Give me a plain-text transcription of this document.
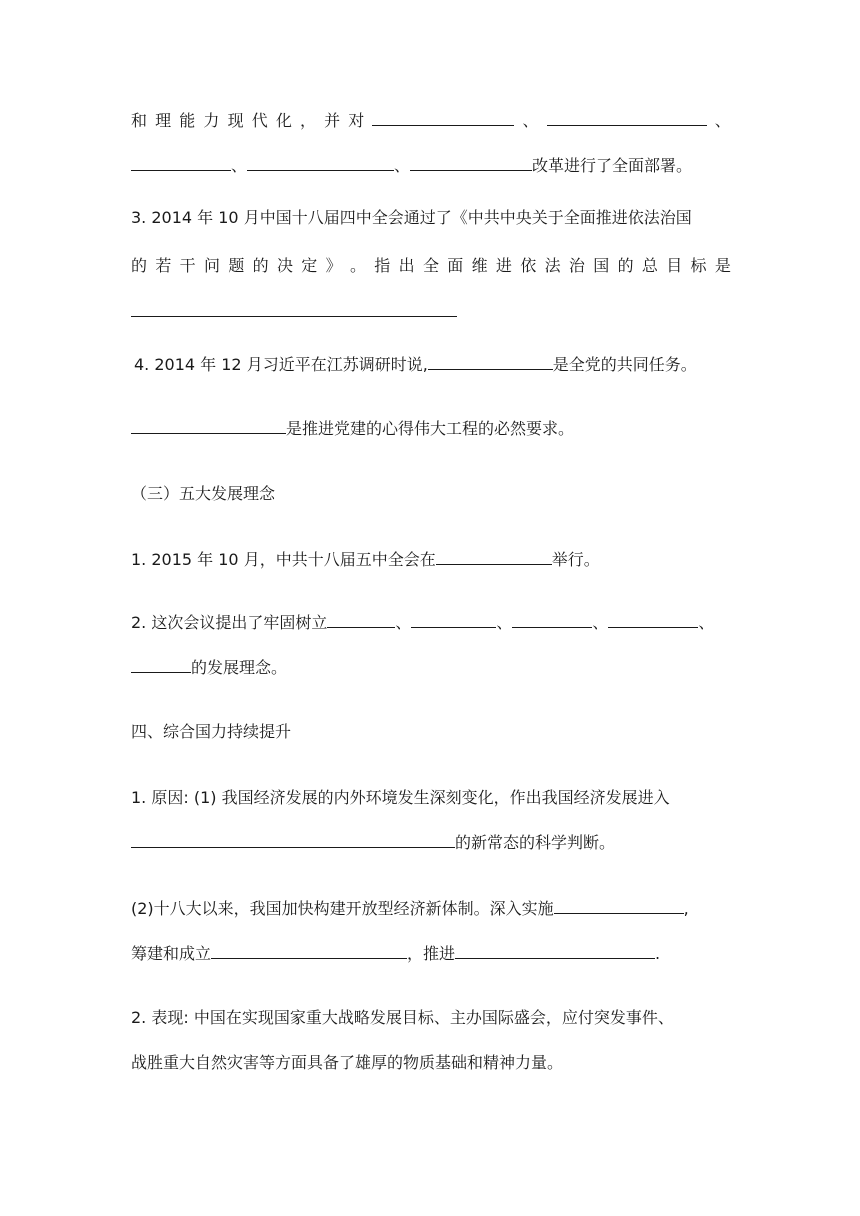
和 理 能 力 现 代 化 ， 并 对	、	、
、	、	改革进行了全面部署。
3. 2014 年 10 月中国十八届四中全会通过了《中共中央关于全面推进依法治国
的 若 干 问 题 的 决 定 》 。 指 出 全 面 维 进 依 法 治 国 的 总 目 标 是
4. 2014 年 12 月习近平在江苏调研时说,	是全党的共同任务。
是推进党建的心得伟大工程的必然要求。
（三）五大发展理念
1. 2015 年 10 月，中共十八届五中全会在	举行。
2. 这次会议提出了牢固树立	、	、	、	、
的发展理念。
四、综合国力持续提升
1. 原因: (1) 我国经济发展的内外环境发生深刻变化，作出我国经济发展进入
的新常态的科学判断。
(2)十八大以来，我国加快构建开放型经济新体制。深入实施	,
筹建和成立	，推进	.
2. 表现: 中国在实现国家重大战略发展目标、主办国际盛会，应付突发事件、
战胜重大自然灾害等方面具备了雄厚的物质基础和精神力量。
